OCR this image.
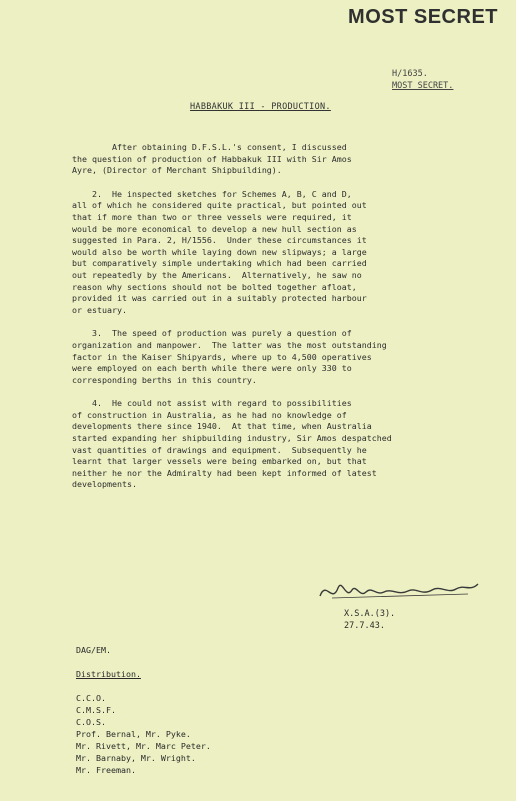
MOST SECRET
H/1635.
MOST SECRET.
HABBAKUK III - PRODUCTION.
After obtaining D.F.S.L.'s consent, I discussed
the question of production of Habbakuk III with Sir Amos
Ayre, (Director of Merchant Shipbuilding).
2.  He inspected sketches for Schemes A, B, C and D,
all of which he considered quite practical, but pointed out
that if more than two or three vessels were required, it
would be more economical to develop a new hull section as
suggested in Para. 2, H/1556.  Under these circumstances it
would also be worth while laying down new slipways; a large
but comparatively simple undertaking which had been carried
out repeatedly by the Americans.  Alternatively, he saw no
reason why sections should not be bolted together afloat,
provided it was carried out in a suitably protected harbour
or estuary.
3.  The speed of production was purely a question of
organization and manpower.  The latter was the most outstanding
factor in the Kaiser Shipyards, where up to 4,500 operatives
were employed on each berth while there were only 330 to
corresponding berths in this country.
4.  He could not assist with regard to possibilities
of construction in Australia, as he had no knowledge of
developments there since 1940.  At that time, when Australia
started expanding her shipbuilding industry, Sir Amos despatched
vast quantities of drawings and equipment.  Subsequently he
learnt that larger vessels were being embarked on, but that
neither he nor the Admiralty had been kept informed of latest
developments.
X.S.A.(3).
27.7.43.
DAG/EM.
Distribution.
C.C.O.
C.M.S.F.
C.O.S.
Prof. Bernal, Mr. Pyke.
Mr. Rivett, Mr. Marc Peter.
Mr. Barnaby, Mr. Wright.
Mr. Freeman.
